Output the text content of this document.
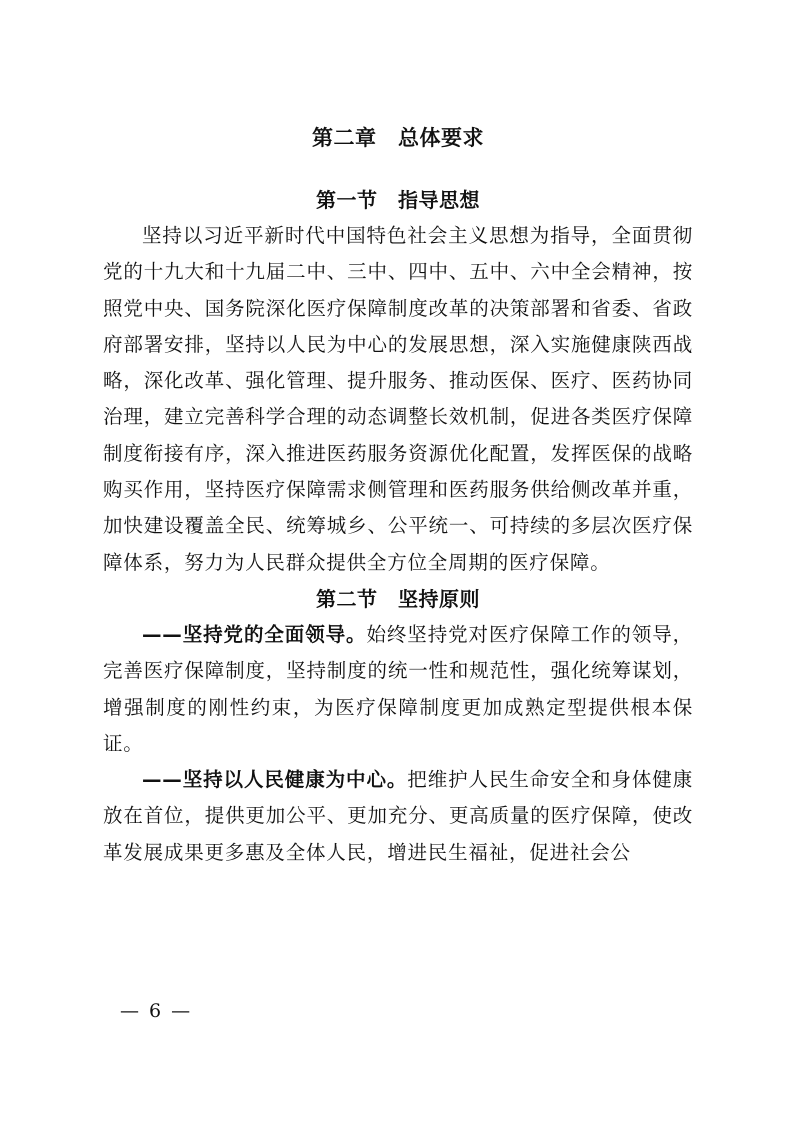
第二章　总体要求
第一节　指导思想

坚持以习近平新时代中国特色社会主义思想为指导，全面贯彻党的十九大和十九届二中、三中、四中、五中、六中全会精神，按照党中央、国务院深化医疗保障制度改革的决策部署和省委、省政府部署安排，坚持以人民为中心的发展思想，深入实施健康陕西战略，深化改革、强化管理、提升服务、推动医保、医疗、医药协同治理，建立完善科学合理的动态调整长效机制，促进各类医疗保障制度衔接有序，深入推进医药服务资源优化配置，发挥医保的战略购买作用，坚持医疗保障需求侧管理和医药服务供给侧改革并重，加快建设覆盖全民、统筹城乡、公平统一、可持续的多层次医疗保障体系，努力为人民群众提供全方位全周期的医疗保障。

第二节　坚持原则

——坚持党的全面领导。始终坚持党对医疗保障工作的领导，完善医疗保障制度，坚持制度的统一性和规范性，强化统筹谋划，增强制度的刚性约束，为医疗保障制度更加成熟定型提供根本保证。

——坚持以人民健康为中心。把维护人民生命安全和身体健康放在首位，提供更加公平、更加充分、更高质量的医疗保障，使改革发展成果更多惠及全体人民，增进民生福祉，促进社会公

— 6 —
